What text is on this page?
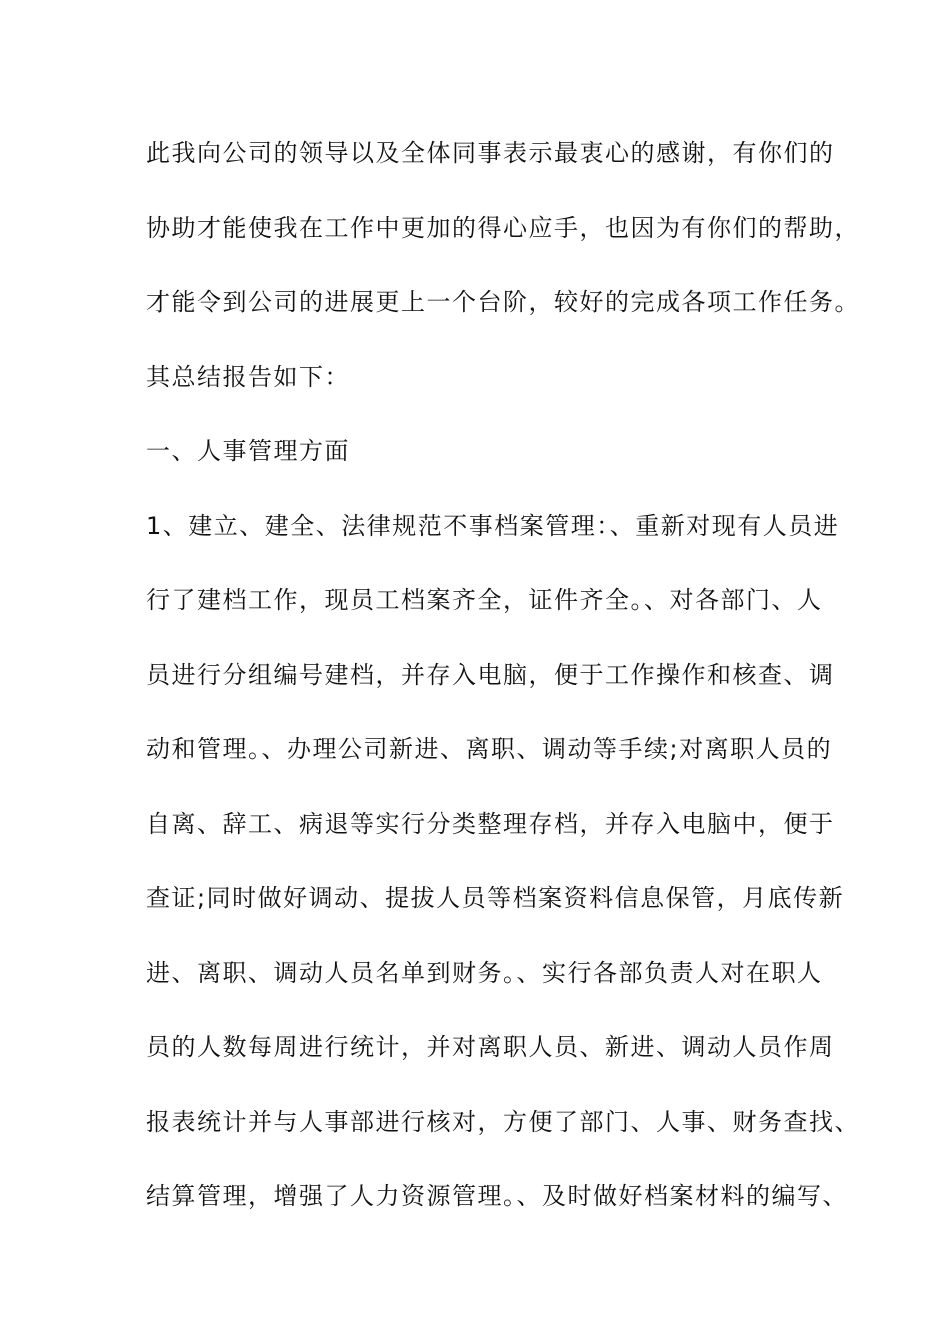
此我向公司的领导以及全体同事表示最衷心的感谢，有你们的
协助才能使我在工作中更加的得心应手，也因为有你们的帮助，
才能令到公司的进展更上一个台阶，较好的完成各项工作任务。
其总结报告如下：
一、人事管理方面
1、建立、建全、法律规范不事档案管理：、重新对现有人员进
行了建档工作，现员工档案齐全，证件齐全。、对各部门、人
员进行分组编号建档，并存入电脑，便于工作操作和核查、调
动和管理。、办理公司新进、离职、调动等手续;对离职人员的
自离、辞工、病退等实行分类整理存档，并存入电脑中，便于
查证;同时做好调动、提拔人员等档案资料信息保管，月底传新
进、离职、调动人员名单到财务。、实行各部负责人对在职人
员的人数每周进行统计，并对离职人员、新进、调动人员作周
报表统计并与人事部进行核对，方便了部门、人事、财务查找、
结算管理，增强了人力资源管理。、及时做好档案材料的编写、
